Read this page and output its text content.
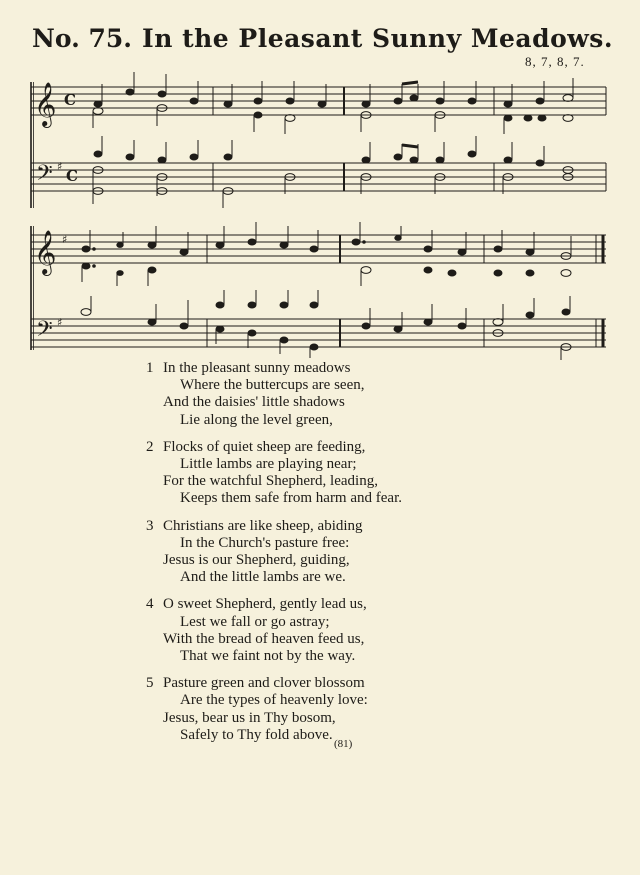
No. 75. In the Pleasant Sunny Meadows.
8, 7, 8, 7.
𝄞 C
𝄢 ♯
C
𝄞 ♯
𝄢 ♯
1 In the pleasant sunny meadows
Where the buttercups are seen,
And the daisies' little shadows
Lie along the level green,
2 Flocks of quiet sheep are feeding,
Little lambs are playing near;
For the watchful Shepherd, leading,
Keeps them safe from harm and fear.
3 Christians are like sheep, abiding
In the Church's pasture free:
Jesus is our Shepherd, guiding,
And the little lambs are we.
4 O sweet Shepherd, gently lead us,
Lest we fall or go astray;
With the bread of heaven feed us,
That we faint not by the way.
5 Pasture green and clover blossom
Are the types of heavenly love:
Jesus, bear us in Thy bosom,
Safely to Thy fold above.
(81)
